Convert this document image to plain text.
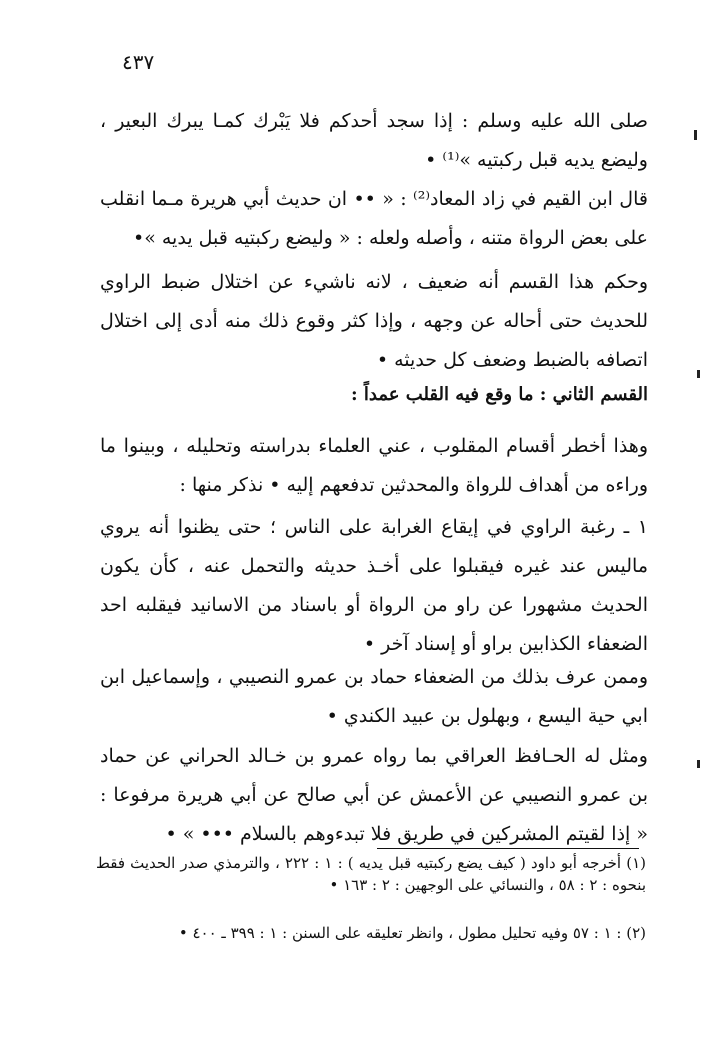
٤٣٧
صلى الله عليه وسلم : إذا سجد أحدكم فلا يَبْرك كمـا يبرك البعير ، وليضع يديه قبل ركبتيه »⁽¹⁾ •
قال ابن القيم في زاد المعاد⁽²⁾ : « •• ان حديث أبي هريرة مـما انقلب على بعض الرواة متنه ، وأصله ولعله : « وليضع ركبتيه قبل يديه »•
وحكم هذا القسم أنه ضعيف ، لانه ناشيء عن اختلال ضبط الراوي للحديث حتى أحاله عن وجهه ، وإذا كثر وقوع ذلك منه أدى إلى اختلال اتصافه بالضبط وضعف كل حديثه •
القسم الثاني : ما وقع فيه القلب عمداً :
وهذا أخطر أقسام المقلوب ، عني العلماء بدراسته وتحليله ، وبينوا ما وراءه من أهداف للرواة والمحدثين تدفعهم إليه • نذكر منها :
١ ـ رغبة الراوي في إيقاع الغرابة على الناس ؛ حتى يظنوا أنه يروي ماليس عند غيره فيقبلوا على أخـذ حديثه والتحمل عنه ، كأن يكون الحديث مشهورا عن راو من الرواة أو باسناد من الاسانيد فيقلبه احد الضعفاء الكذابين براو أو إسناد آخر •
وممن عرف بذلك من الضعفاء حماد بن عمرو النصيبي ، وإسماعيل ابن ابي حية اليسع ، وبهلول بن عبيد الكندي •
ومثل له الحـافظ العراقي بما رواه عمرو بن خـالد الحراني عن حماد بن عمرو النصيبي عن الأعمش عن أبي صالح عن أبي هريرة مرفوعا : « إذا لقيتم المشركين في طريق فلا تبدءوهم بالسلام ••• » •
(١) أخرجه أبو داود ( كيف يضع ركبتيه قبل يديه ) : ١ : ٢٢٢ ، والترمذي صدر الحديث فقط بنحوه : ٢ : ٥٨ ، والنسائي على الوجهين : ٢ : ١٦٣ •
(٢) : ١ : ٥٧ وفيه تحليل مطول ، وانظر تعليقه على السنن : ١ : ٣٩٩ ـ ٤٠٠ •
